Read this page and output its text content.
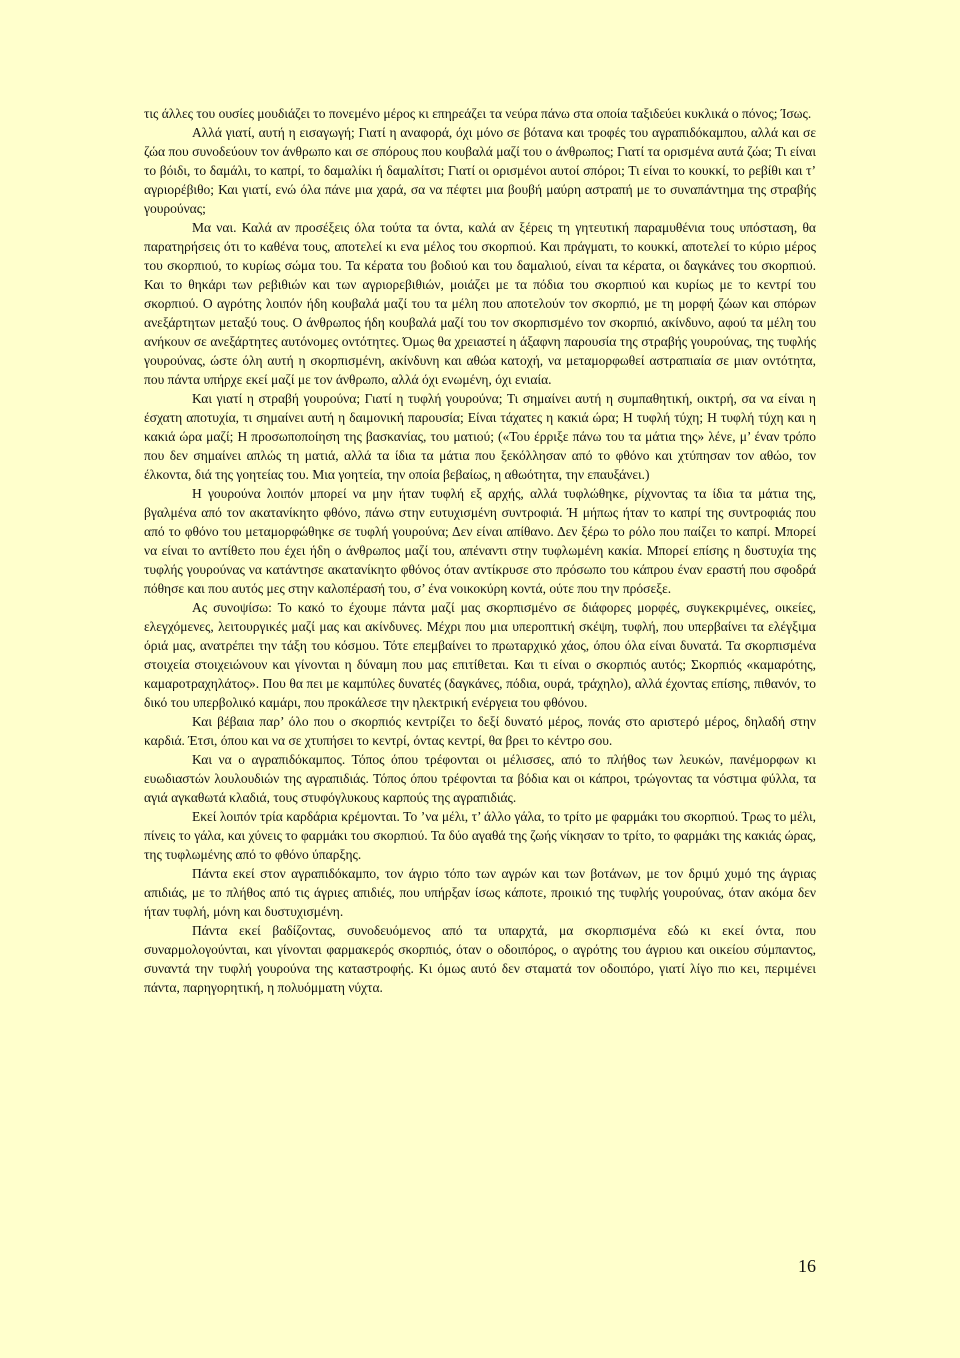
τις άλλες του ουσίες μουδιάζει το πονεμένο μέρος κι επηρεάζει τα νεύρα πάνω στα οποία ταξιδεύει κυκλικά ο πόνος; Ίσως.

Αλλά γιατί, αυτή η εισαγωγή; Γιατί η αναφορά, όχι μόνο σε βότανα και τροφές του αγραπιδόκαμπου, αλλά και σε ζώα που συνοδεύουν τον άνθρωπο και σε σπόρους που κουβαλά μαζί του ο άνθρωπος; Γιατί τα ορισμένα αυτά ζώα; Τι είναι το βόιδι, το δαμάλι, το καπρί, το δαμαλίκι ή δαμαλίτσι; Γιατί οι ορισμένοι αυτοί σπόροι; Τι είναι το κουκκί, το ρεβίθι και τ’ αγριορέβιθο; Και γιατί, ενώ όλα πάνε μια χαρά, σα να πέφτει μια βουβή μαύρη αστραπή με το συναπάντημα της στραβής γουρούνας;

Μα ναι. Καλά αν προσέξεις όλα τούτα τα όντα, καλά αν ξέρεις τη γητευτική παραμυθένια τους υπόσταση, θα παρατηρήσεις ότι το καθένα τους, αποτελεί κι ενα μέλος του σκορπιού. Και πράγματι, το κουκκί, αποτελεί το κύριο μέρος του σκορπιού, το κυρίως σώμα του. Τα κέρατα του βοδιού και του δαμαλιού, είναι τα κέρατα, οι δαγκάνες του σκορπιού. Και το θηκάρι των ρεβιθιών και των αγριορεβιθιών, μοιάζει με τα πόδια του σκορπιού και κυρίως με το κεντρί του σκορπιού. Ο αγρότης λοιπόν ήδη κουβαλά μαζί του τα μέλη που αποτελούν τον σκορπιό, με τη μορφή ζώων και σπόρων ανεξάρτητων μεταξύ τους. Ο άνθρωπος ήδη κουβαλά μαζί του τον σκορπισμένο τον σκορπιό, ακίνδυνο, αφού τα μέλη του ανήκουν σε ανεξάρτητες αυτόνομες οντότητες. Όμως θα χρειαστεί η άξαφνη παρουσία της στραβής γουρούνας, της τυφλής γουρούνας, ώστε όλη αυτή η σκορπισμένη, ακίνδυνη και αθώα κατοχή, να μεταμορφωθεί αστραπιαία σε μιαν οντότητα, που πάντα υπήρχε εκεί μαζί με τον άνθρωπο, αλλά όχι ενωμένη, όχι ενιαία.

Και γιατί η στραβή γουρούνα; Γιατί η τυφλή γουρούνα; Τι σημαίνει αυτή η συμπαθητική, οικτρή, σα να είναι η έσχατη αποτυχία, τι σημαίνει αυτή η δαιμονική παρουσία; Είναι τάχατες η κακιά ώρα; Η τυφλή τύχη; Η τυφλή τύχη και η κακιά ώρα μαζί; Η προσωποποίηση της βασκανίας, του ματιού; («Του έρριξε πάνω του τα μάτια της» λένε, μ’ έναν τρόπο που δεν σημαίνει απλώς τη ματιά, αλλά τα ίδια τα μάτια που ξεκόλλησαν από το φθόνο και χτύπησαν τον αθώο, τον έλκοντα, διά της γοητείας του. Μια γοητεία, την οποία βεβαίως, η αθωότητα, την επαυξάνει.)

Η γουρούνα λοιπόν μπορεί να μην ήταν τυφλή εξ αρχής, αλλά τυφλώθηκε, ρίχνοντας τα ίδια τα μάτια της, βγαλμένα από τον ακατανίκητο φθόνο, πάνω στην ευτυχισμένη συντροφιά. Ή μήπως ήταν το καπρί της συντροφιάς που από το φθόνο του μεταμορφώθηκε σε τυφλή γουρούνα; Δεν είναι απίθανο. Δεν ξέρω το ρόλο που παίζει το καπρί. Μπορεί να είναι το αντίθετο που έχει ήδη ο άνθρωπος μαζί του, απέναντι στην τυφλωμένη κακία. Μπορεί επίσης η δυστυχία της τυφλής γουρούνας να κατάντησε ακατανίκητο φθόνος όταν αντίκρυσε στο πρόσωπο του κάπρου έναν εραστή που σφοδρά πόθησε και που αυτός μες στην καλοπέρασή του, σ’ ένα νοικοκύρη κοντά, ούτε που την πρόσεξε.

Ας συνοψίσω: Το κακό το έχουμε πάντα μαζί μας σκορπισμένο σε διάφορες μορφές, συγκεκριμένες, οικείες, ελεγχόμενες, λειτουργικές μαζί μας και ακίνδυνες. Μέχρι που μια υπεροπτική σκέψη, τυφλή, που υπερβαίνει τα ελέγξιμα όριά μας, ανατρέπει την τάξη του κόσμου. Τότε επεμβαίνει το πρωταρχικό χάος, όπου όλα είναι δυνατά. Τα σκορπισμένα στοιχεία στοιχειώνουν και γίνονται η δύναμη που μας επιτίθεται. Και τι είναι ο σκορπιός αυτός; Σκορπιός «καμαρότης, καμαροτραχηλάτος». Που θα πει με καμπύλες δυνατές (δαγκάνες, πόδια, ουρά, τράχηλο), αλλά έχοντας επίσης, πιθανόν, το δικό του υπερβολικό καμάρι, που προκάλεσε την ηλεκτρική ενέργεια του φθόνου.

Και βέβαια παρ’ όλο που ο σκορπιός κεντρίζει το δεξί δυνατό μέρος, πονάς στο αριστερό μέρος, δηλαδή στην καρδιά. Έτσι, όπου και να σε χτυπήσει το κεντρί, όντας κεντρί, θα βρει το κέντρο σου.

Και να ο αγραπιδόκαμπος. Τόπος όπου τρέφονται οι μέλισσες, από το πλήθος των λευκών, πανέμορφων κι ευωδιαστών λουλουδιών της αγραπιδιάς. Τόπος όπου τρέφονται τα βόδια και οι κάπροι, τρώγοντας τα νόστιμα φύλλα, τα αγιά αγκαθωτά κλαδιά, τους στυφόγλυκους καρπούς της αγραπιδιάς.

Εκεί λοιπόν τρία καρδάρια κρέμονται. Το ’να μέλι, τ’ άλλο γάλα, το τρίτο με φαρμάκι του σκορπιού. Τρως το μέλι, πίνεις το γάλα, και χύνεις το φαρμάκι του σκορπιού. Τα δύο αγαθά της ζωής νίκησαν το τρίτο, το φαρμάκι της κακιάς ώρας, της τυφλωμένης από το φθόνο ύπαρξης.

Πάντα εκεί στον αγραπιδόκαμπο, τον άγριο τόπο των αγρών και των βοτάνων, με τον δριμύ χυμό της άγριας απιδιάς, με το πλήθος από τις άγριες απιδιές, που υπήρξαν ίσως κάποτε, προικιό της τυφλής γουρούνας, όταν ακόμα δεν ήταν τυφλή, μόνη και δυστυχισμένη.

Πάντα εκεί βαδίζοντας, συνοδευόμενος από τα υπαρχτά, μα σκορπισμένα εδώ κι εκεί όντα, που συναρμολογούνται, και γίνονται φαρμακερός σκορπιός, όταν ο οδοιπόρος, ο αγρότης του άγριου και οικείου σύμπαντος, συναντά την τυφλή γουρούνα της καταστροφής. Κι όμως αυτό δεν σταματά τον οδοιπόρο, γιατί λίγο πιο κει, περιμένει πάντα, παρηγορητική, η πολυόμματη νύχτα.

16
